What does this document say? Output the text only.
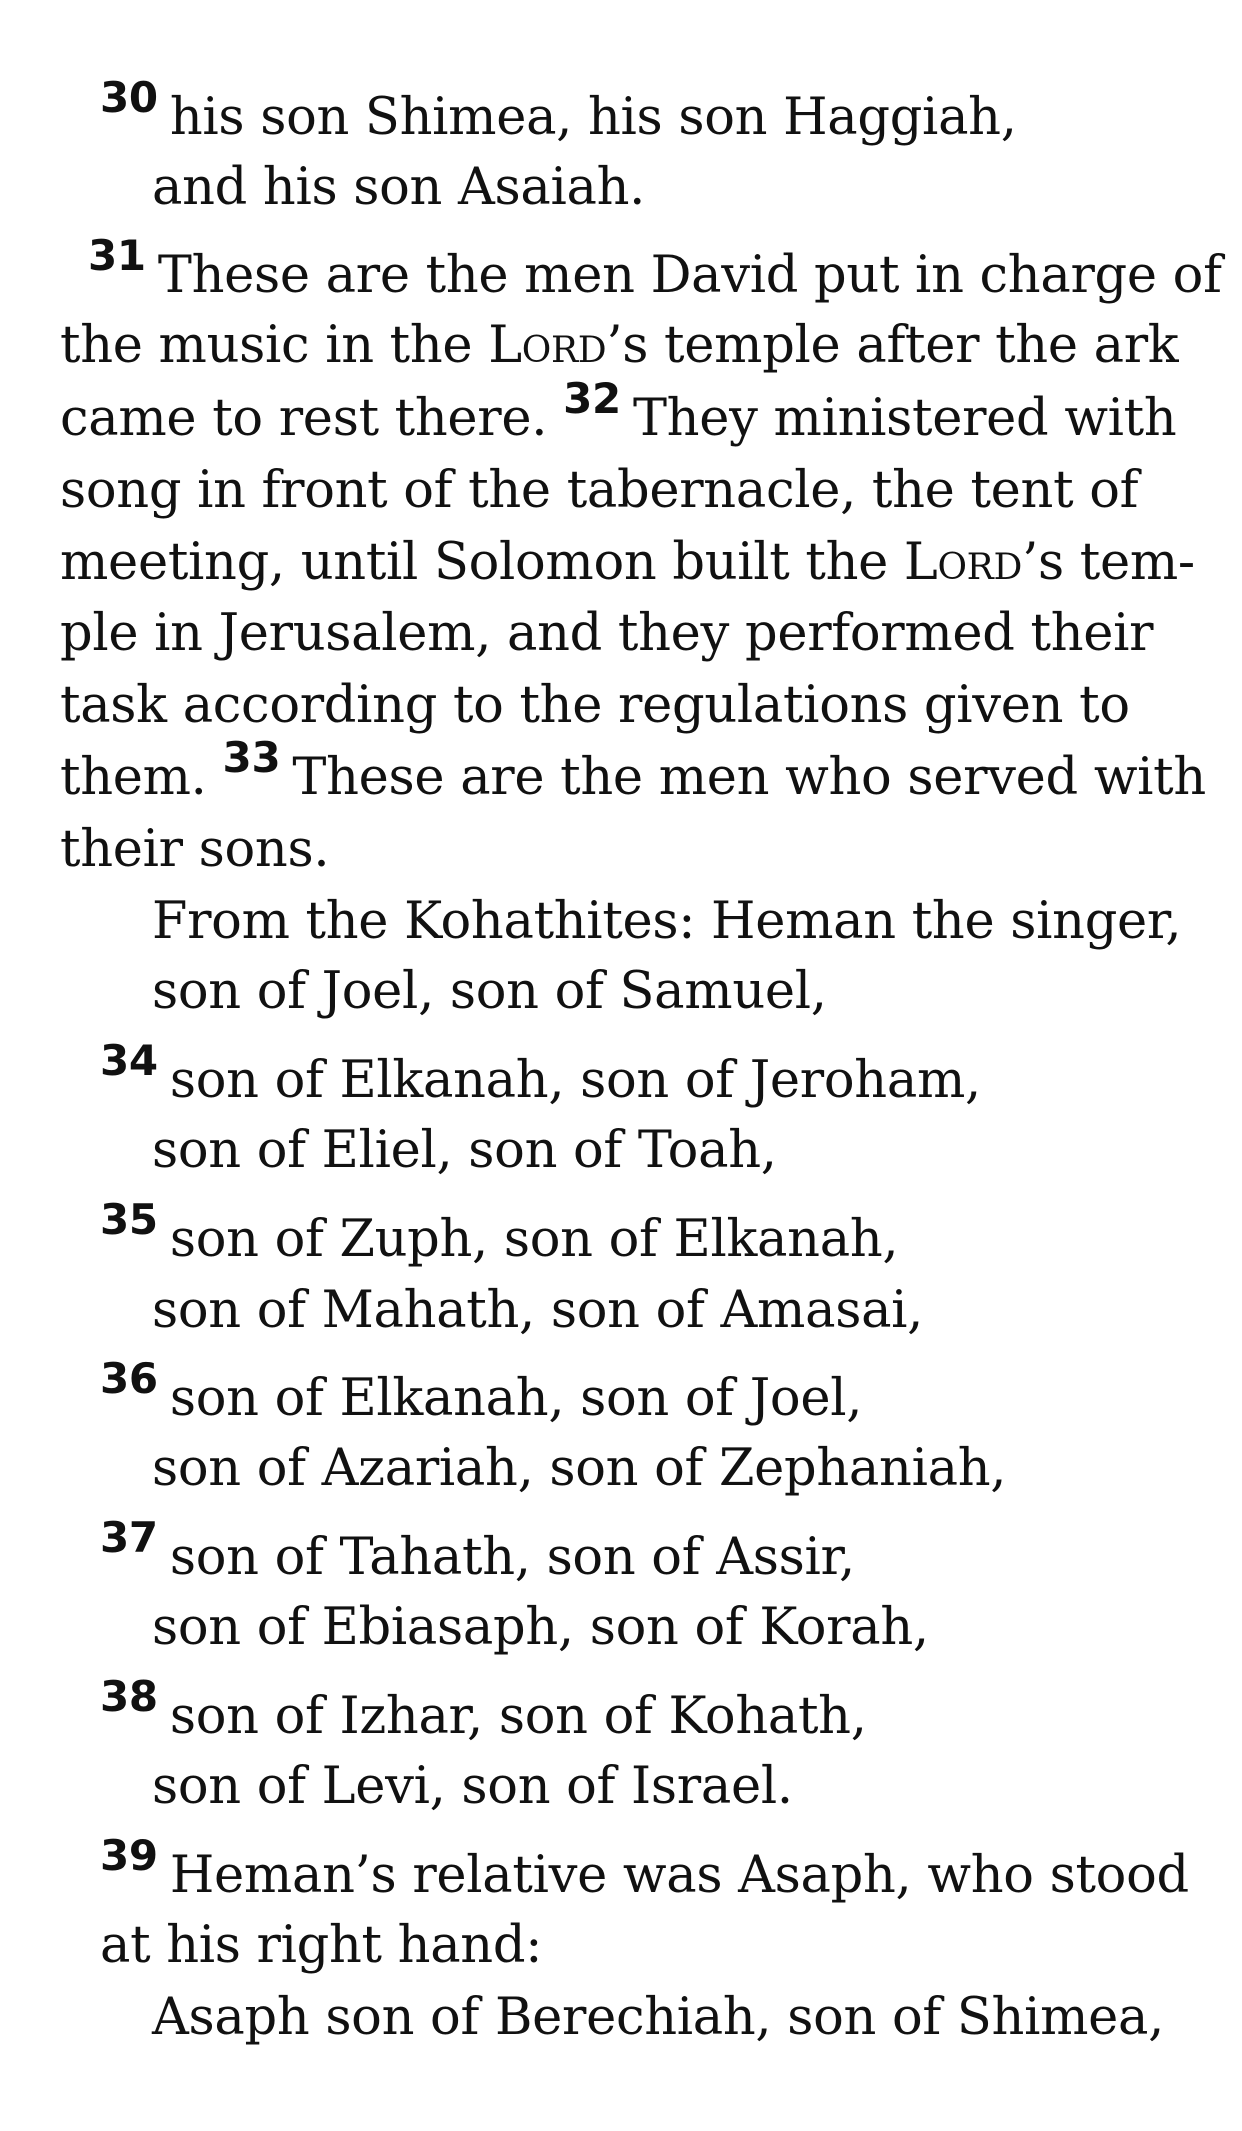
$^{30}$ his son Shimea, his son Haggiah,
and his son Asaiah.
$^{31}$ These are the men David put in charge of
the music in the Lord’s temple after the ark
came to rest there. $^{32}$ They ministered with
song in front of the tabernacle, the tent of
meeting, until Solomon built the Lord’s tem-
ple in Jerusalem, and they performed their
task according to the regulations given to
them. $^{33}$ These are the men who served with
their sons.
From the Kohathites: Heman the singer,
son of Joel, son of Samuel,
$^{34}$ son of Elkanah, son of Jeroham,
son of Eliel, son of Toah,
$^{35}$ son of Zuph, son of Elkanah,
son of Mahath, son of Amasai,
$^{36}$ son of Elkanah, son of Joel,
son of Azariah, son of Zephaniah,
$^{37}$ son of Tahath, son of Assir,
son of Ebiasaph, son of Korah,
$^{38}$ son of Izhar, son of Kohath,
son of Levi, son of Israel.
$^{39}$ Heman’s relative was Asaph, who stood
at his right hand:
Asaph son of Berechiah, son of Shimea,
